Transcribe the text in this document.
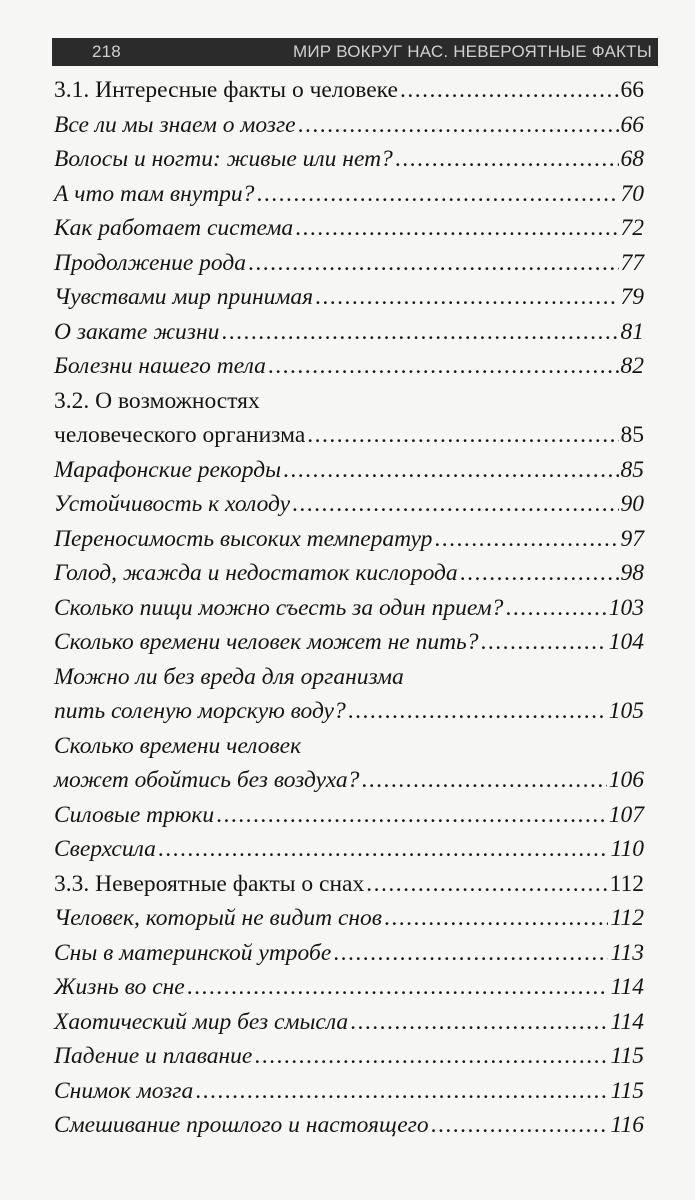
218	МИР ВОКРУГ НАС. НЕВЕРОЯТНЫЕ ФАКТЫ
3.1. Интересные факты о человеке .....	66
Все ли мы знаем о мозге .....	66
Волосы и ногти: живые или нет? .....	68
А что там внутри? .....	70
Как работает система .....	72
Продолжение рода .....	77
Чувствами мир принимая .....	79
О закате жизни .....	81
Болезни нашего тела .....	82
3.2. О возможностях
человеческого организма .....	85
Марафонские рекорды .....	85
Устойчивость к холоду .....	90
Переносимость высоких температур .....	97
Голод, жажда и недостаток кислорода .....	98
Сколько пищи можно съесть за один прием? .....	103
Сколько времени человек может не пить? .....	104
Можно ли без вреда для организма
пить соленую морскую воду? .....	105
Сколько времени человек
может обойтись без воздуха? .....	106
Силовые трюки .....	107
Сверхсила .....	110
3.3. Невероятные факты о снах .....	112
Человек, который не видит снов .....	112
Сны в материнской утробе .....	113
Жизнь во сне .....	114
Хаотический мир без смысла .....	114
Падение и плавание .....	115
Снимок мозга .....	115
Смешивание прошлого и настоящего .....	116
